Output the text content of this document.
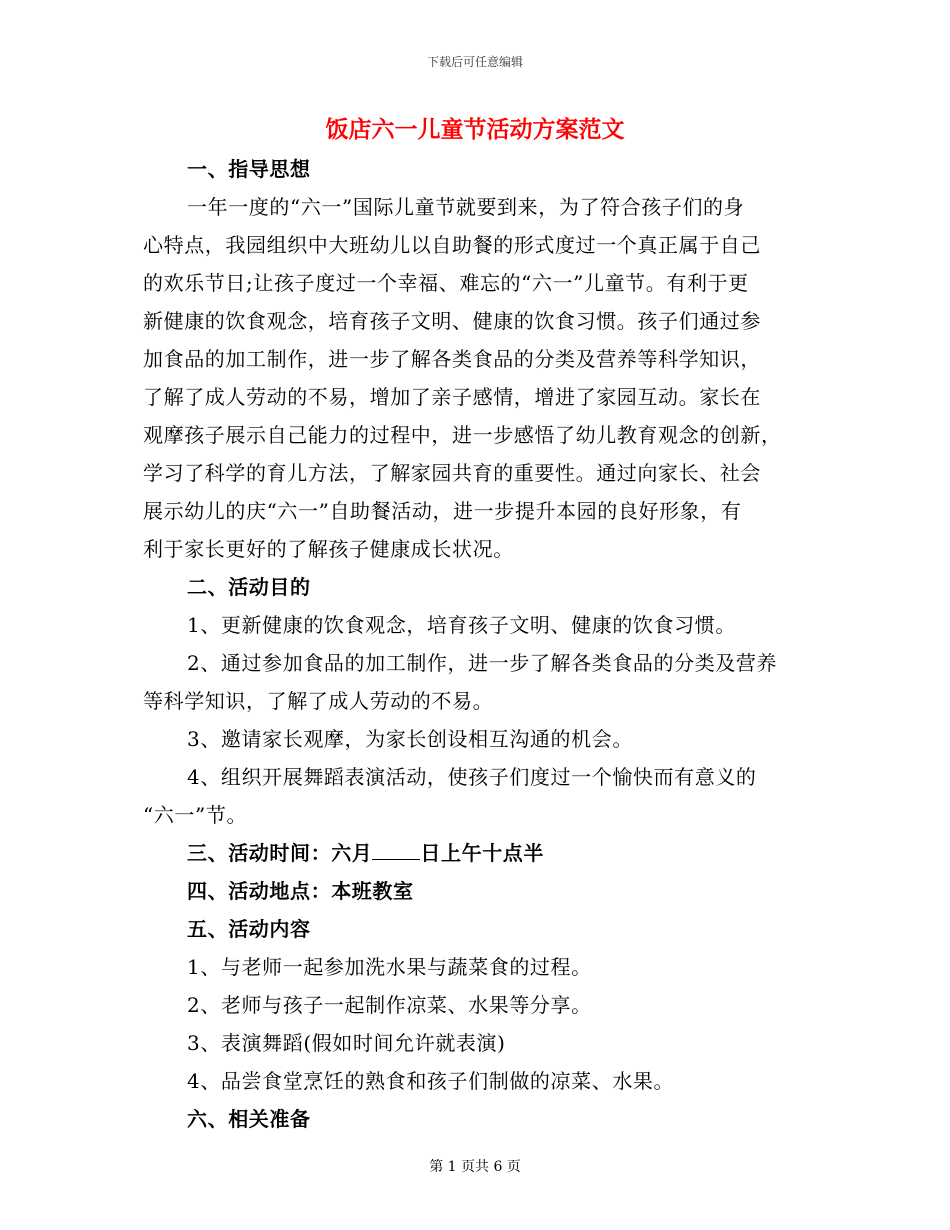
下载后可任意编辑
饭店六一儿童节活动方案范文
一、指导思想
一年一度的“六一”国际儿童节就要到来，为了符合孩子们的身
心特点，我园组织中大班幼儿以自助餐的形式度过一个真正属于自己
的欢乐节日;让孩子度过一个幸福、难忘的“六一”儿童节。有利于更
新健康的饮食观念，培育孩子文明、健康的饮食习惯。孩子们通过参
加食品的加工制作，进一步了解各类食品的分类及营养等科学知识，
了解了成人劳动的不易，增加了亲子感情，增进了家园互动。家长在
观摩孩子展示自己能力的过程中，进一步感悟了幼儿教育观念的创新，
学习了科学的育儿方法，了解家园共育的重要性。通过向家长、社会
展示幼儿的庆“六一”自助餐活动，进一步提升本园的良好形象，有
利于家长更好的了解孩子健康成长状况。
二、活动目的
1、更新健康的饮食观念，培育孩子文明、健康的饮食习惯。
2、通过参加食品的加工制作，进一步了解各类食品的分类及营养
等科学知识，了解了成人劳动的不易。
3、邀请家长观摩，为家长创设相互沟通的机会。
4、组织开展舞蹈表演活动，使孩子们度过一个愉快而有意义的
“六一”节。
三、活动时间：六月 日上午十点半
四、活动地点：本班教室
五、活动内容
1、与老师一起参加洗水果与蔬菜食的过程。
2、老师与孩子一起制作凉菜、水果等分享。
3、表演舞蹈(假如时间允许就表演)
4、品尝食堂烹饪的熟食和孩子们制做的凉菜、水果。
六、相关准备
第 1 页共 6 页
